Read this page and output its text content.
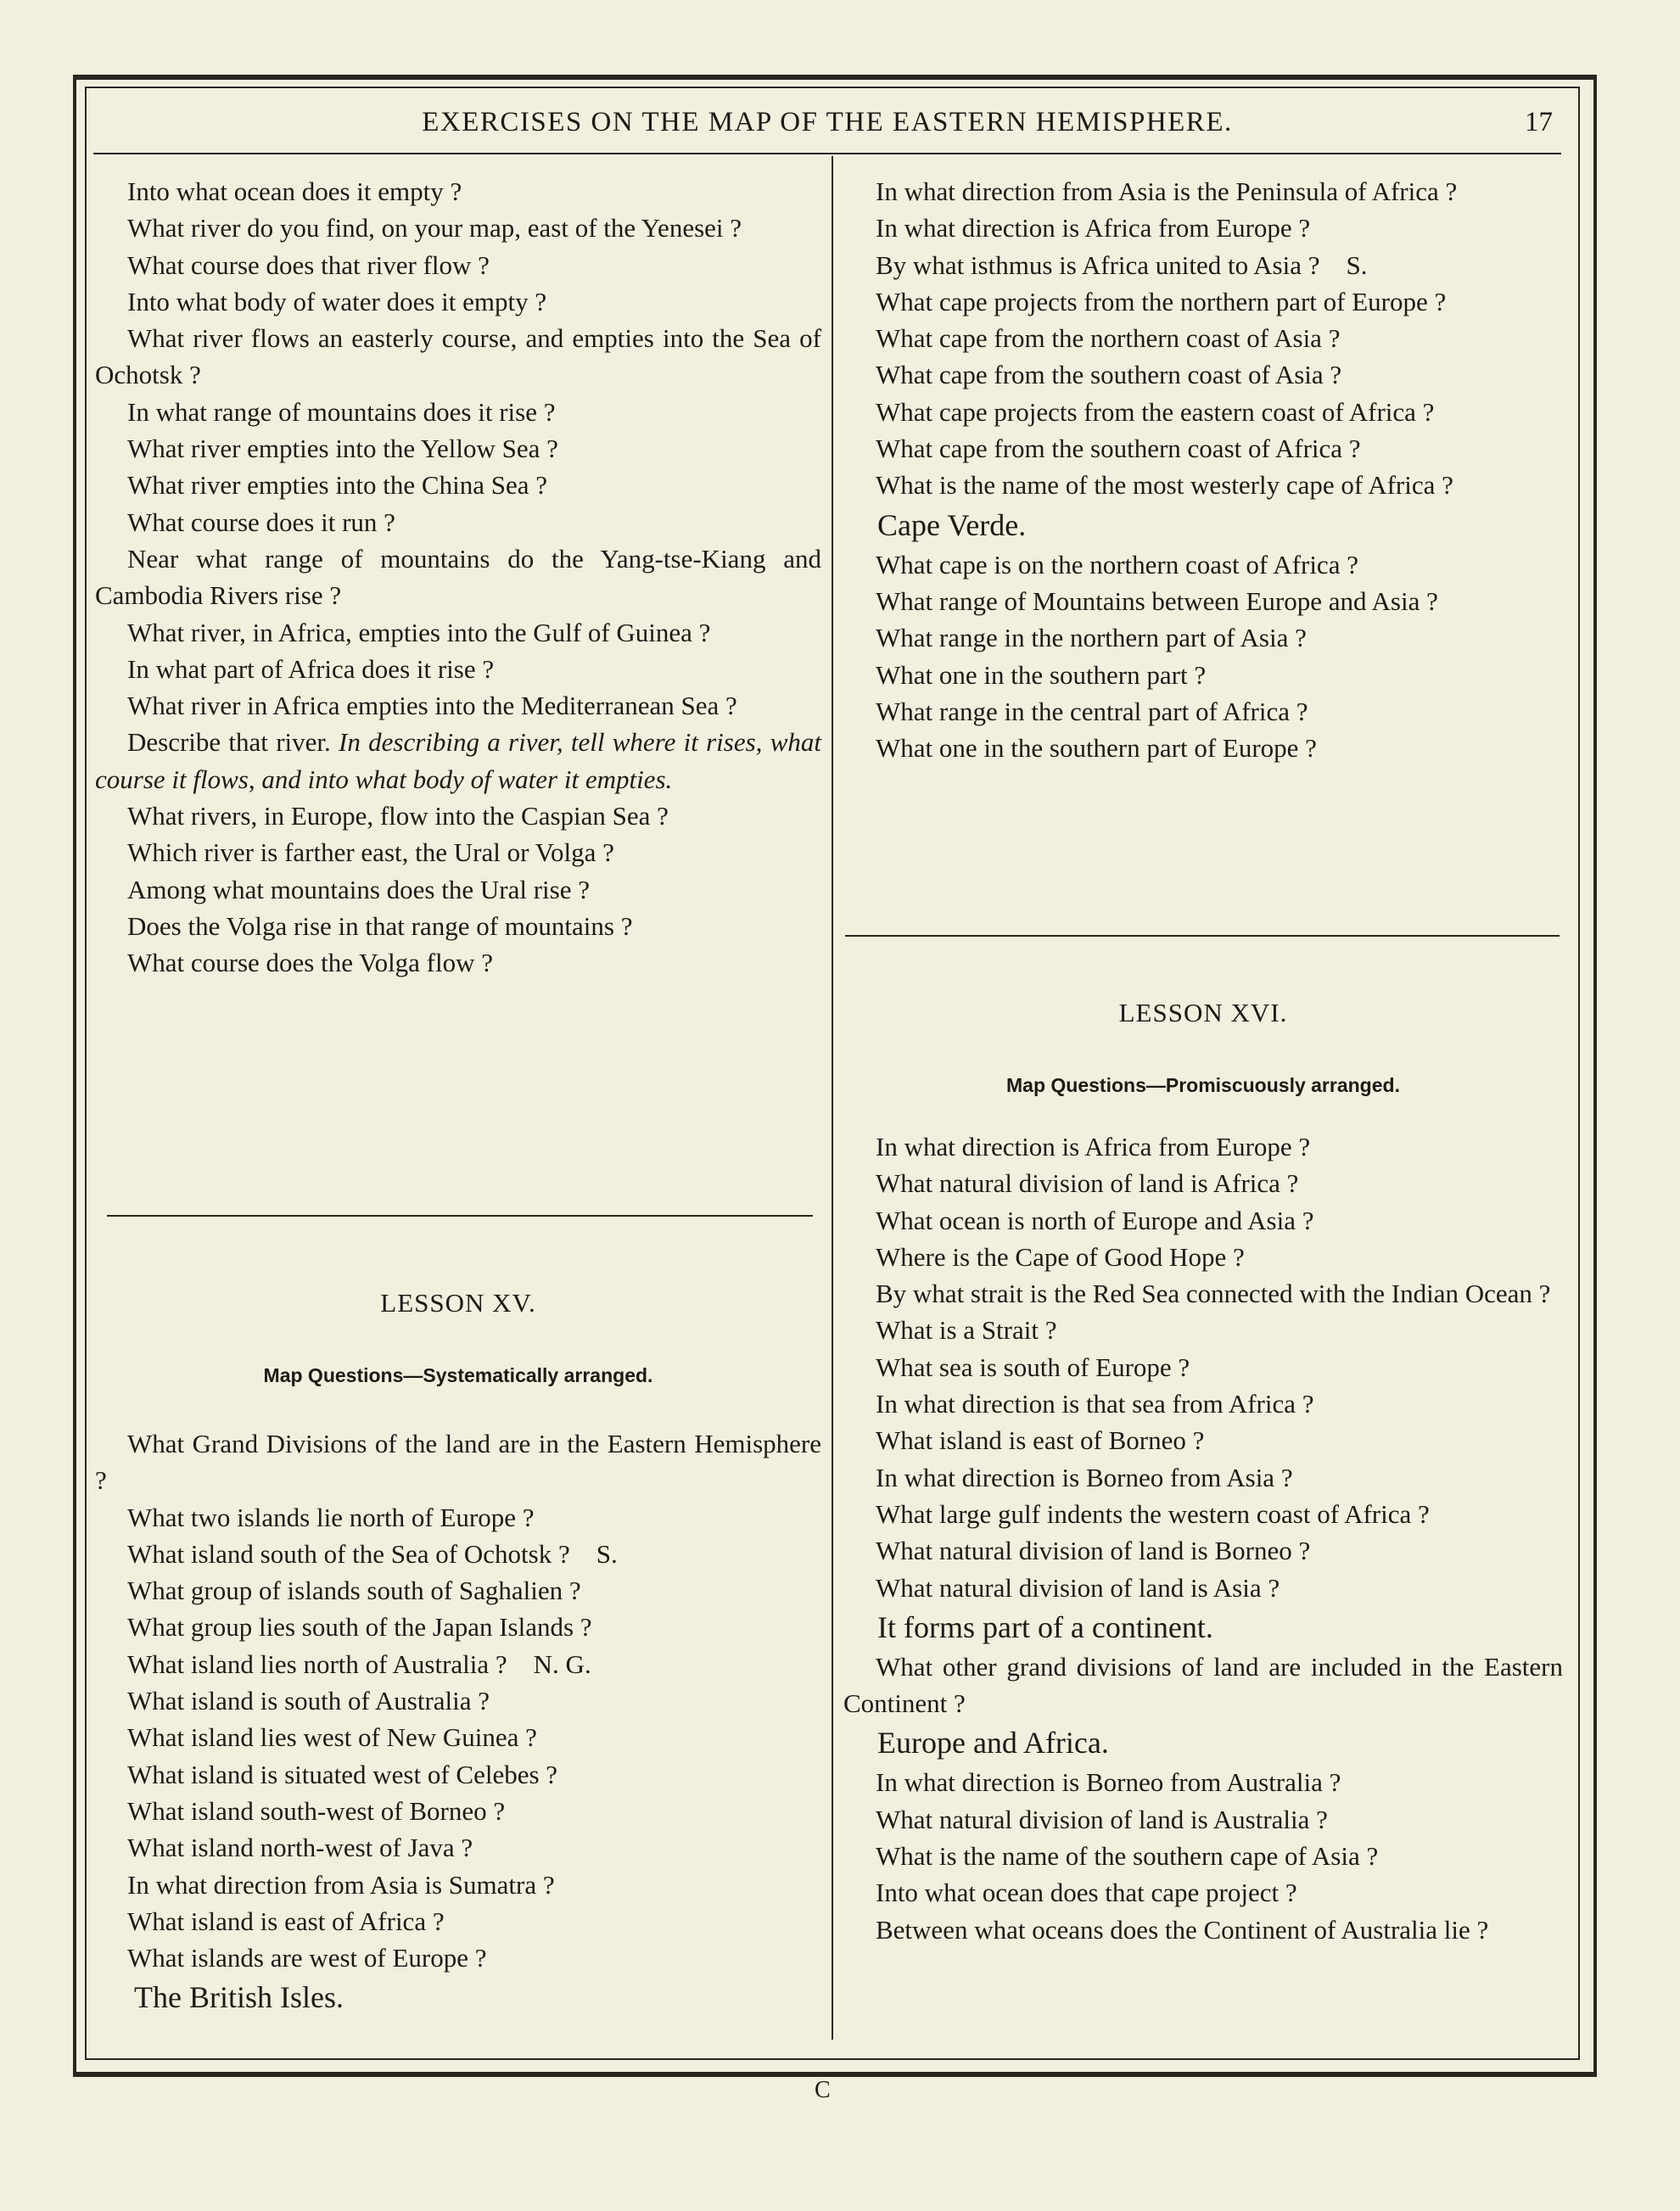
EXERCISES ON THE MAP OF THE EASTERN HEMISPHERE.	17

Into what ocean does it empty ?

What river do you find, on your map, east of the Yenesei ?

What course does that river flow ?

Into what body of water does it empty ?

What river flows an easterly course, and empties into the Sea of Ochotsk ?

In what range of mountains does it rise ?

What river empties into the Yellow Sea ?

What river empties into the China Sea ?

What course does it run ?

Near what range of mountains do the Yang-tse-Kiang and Cambodia Rivers rise ?

What river, in Africa, empties into the Gulf of Guinea ?

In what part of Africa does it rise ?

What river in Africa empties into the Mediterranean Sea ?

Describe that river. In describing a river, tell where it rises, what course it flows, and into what body of water it empties.

What rivers, in Europe, flow into the Caspian Sea ?

Which river is farther east, the Ural or Volga ?

Among what mountains does the Ural rise ?

Does the Volga rise in that range of mountains ?

What course does the Volga flow ?

LESSON XV.
Map Questions—Systematically arranged.

What Grand Divisions of the land are in the Eastern Hemisphere ?

What two islands lie north of Europe ?

What island south of the Sea of Ochotsk ?    S.

What group of islands south of Saghalien ?

What group lies south of the Japan Islands ?

What island lies north of Australia ?    N. G.

What island is south of Australia ?

What island lies west of New Guinea ?

What island is situated west of Celebes ?

What island south-west of Borneo ?

What island north-west of Java ?

In what direction from Asia is Sumatra ?

What island is east of Africa ?

What islands are west of Europe ?

The British Isles.

In what direction from Asia is the Peninsula of Africa ?

In what direction is Africa from Europe ?

By what isthmus is Africa united to Asia ?    S.

What cape projects from the northern part of Europe ?

What cape from the northern coast of Asia ?

What cape from the southern coast of Asia ?

What cape projects from the eastern coast of Africa ?

What cape from the southern coast of Africa ?

What is the name of the most westerly cape of Africa ?

Cape Verde.

What cape is on the northern coast of Africa ?

What range of Mountains between Europe and Asia ?

What range in the northern part of Asia ?

What one in the southern part ?

What range in the central part of Africa ?

What one in the southern part of Europe ?

LESSON XVI.
Map Questions—Promiscuously arranged.

In what direction is Africa from Europe ?

What natural division of land is Africa ?

What ocean is north of Europe and Asia ?

Where is the Cape of Good Hope ?

By what strait is the Red Sea connected with the Indian Ocean ?

What is a Strait ?

What sea is south of Europe ?

In what direction is that sea from Africa ?

What island is east of Borneo ?

In what direction is Borneo from Asia ?

What large gulf indents the western coast of Africa ?

What natural division of land is Borneo ?

What natural division of land is Asia ?

It forms part of a continent.

What other grand divisions of land are included in the Eastern Continent ?

Europe and Africa.

In what direction is Borneo from Australia ?

What natural division of land is Australia ?

What is the name of the southern cape of Asia ?

Into what ocean does that cape project ?

Between what oceans does the Continent of Australia lie ?

C
